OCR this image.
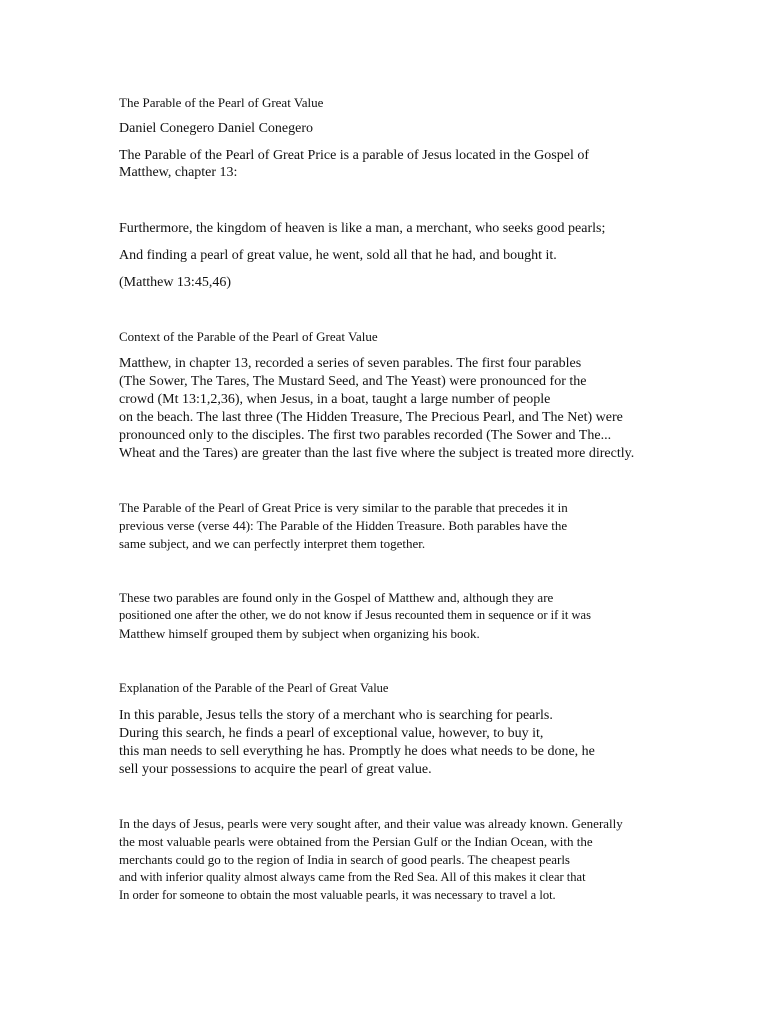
The Parable of the Pearl of Great Value
Daniel Conegero Daniel Conegero
The Parable of the Pearl of Great Price is a parable of Jesus located in the Gospel of
Matthew, chapter 13:
Furthermore, the kingdom of heaven is like a man, a merchant, who seeks good pearls;
And finding a pearl of great value, he went, sold all that he had, and bought it.
(Matthew 13:45,46)
Context of the Parable of the Pearl of Great Value
Matthew, in chapter 13, recorded a series of seven parables. The first four parables
(The Sower, The Tares, The Mustard Seed, and The Yeast) were pronounced for the
crowd (Mt 13:1,2,36), when Jesus, in a boat, taught a large number of people
on the beach. The last three (The Hidden Treasure, The Precious Pearl, and The Net) were
pronounced only to the disciples. The first two parables recorded (The Sower and The...
Wheat and the Tares) are greater than the last five where the subject is treated more directly.
The Parable of the Pearl of Great Price is very similar to the parable that precedes it in
previous verse (verse 44): The Parable of the Hidden Treasure. Both parables have the
same subject, and we can perfectly interpret them together.
These two parables are found only in the Gospel of Matthew and, although they are
positioned one after the other, we do not know if Jesus recounted them in sequence or if it was
Matthew himself grouped them by subject when organizing his book.
Explanation of the Parable of the Pearl of Great Value
In this parable, Jesus tells the story of a merchant who is searching for pearls.
During this search, he finds a pearl of exceptional value, however, to buy it,
this man needs to sell everything he has. Promptly he does what needs to be done, he
sell your possessions to acquire the pearl of great value.
In the days of Jesus, pearls were very sought after, and their value was already known. Generally
the most valuable pearls were obtained from the Persian Gulf or the Indian Ocean, with the
merchants could go to the region of India in search of good pearls. The cheapest pearls
and with inferior quality almost always came from the Red Sea. All of this makes it clear that
In order for someone to obtain the most valuable pearls, it was necessary to travel a lot.
